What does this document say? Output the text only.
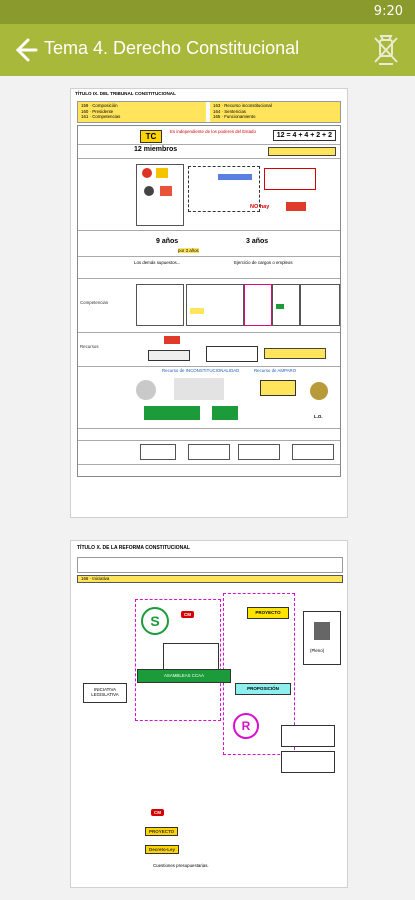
9:20
Tema 4. Derecho Constitucional
TÍTULO IX. DEL TRIBUNAL CONSTITUCIONAL
159 · Composición
160 · Presidente
161 · Competencias
163 · Recurso inconstitucional
164 · Sentencias
165 · Funcionamiento
TC
Es independiente de los poderes del Estado
12 = 4 + 4 + 2 + 2
12 miembros
NO hay
9 años	3 años
por 3 años
Los demás supuestos...	Ejercicio de cargos o empleos
Competencias
Recursos
Recurso de INCONSTITUCIONALIDAD	Recurso de AMPARO
L.O.
TÍTULO X. DE LA REFORMA CONSTITUCIONAL
166 · Iniciativa
S
R
CM	PROYECTO
ASAMBLEAS CCAA
PROPOSICIÓN
INICIATIVA LEGISLATIVA
(Pleno)
CM
PROYECTO
Decreto-Ley
Cuestiones presupuestarias.
